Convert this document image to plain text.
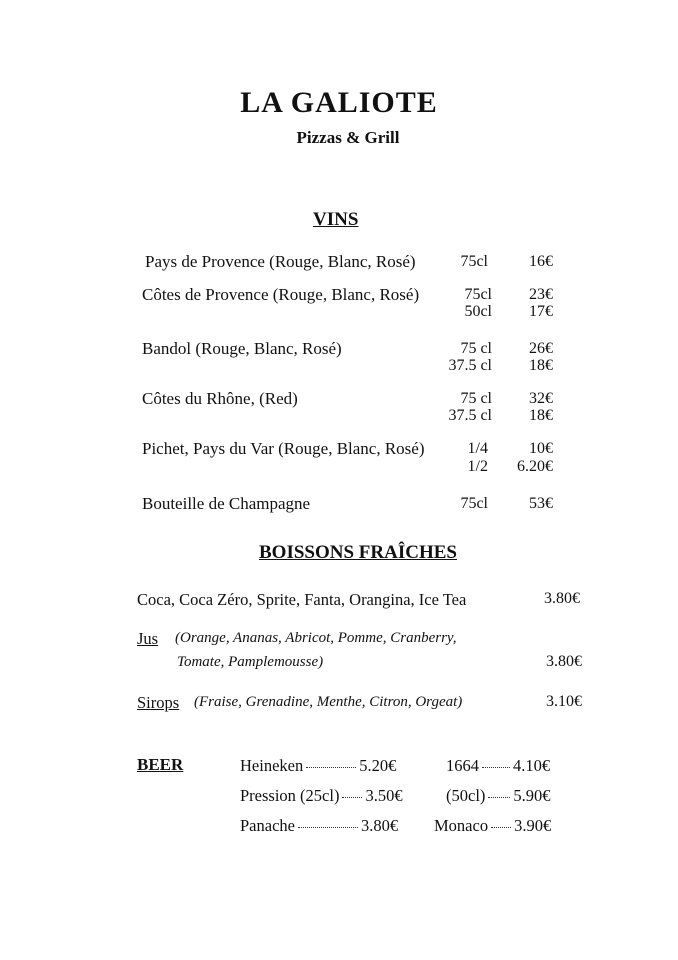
LA GALIOTE
Pizzas & Grill
VINS
Pays de Provence (Rouge, Blanc, Rosé)	75cl	16€
Côtes de Provence (Rouge, Blanc, Rosé)	75cl	23€
50cl	17€
Bandol (Rouge, Blanc, Rosé)	75 cl	26€
37.5 cl	18€
Côtes du Rhône, (Red)	75 cl	32€
37.5 cl	18€
Pichet, Pays du Var (Rouge, Blanc, Rosé)	1/4	10€
1/2	6.20€
Bouteille de Champagne	75cl	53€
BOISSONS FRAÎCHES
Coca, Coca Zéro, Sprite, Fanta, Orangina, Ice Tea	3.80€
Jus (Orange, Ananas, Abricot, Pomme, Cranberry,
Tomate, Pamplemousse)	3.80€
Sirops (Fraise, Grenadine, Menthe, Citron, Orgeat)	3.10€
BEER	Heineken	5.20€	1664 4.10€
Pression (25cl) 3.50€	(50cl) 5.90€
Panache	3.80€ Monaco 3.90€
